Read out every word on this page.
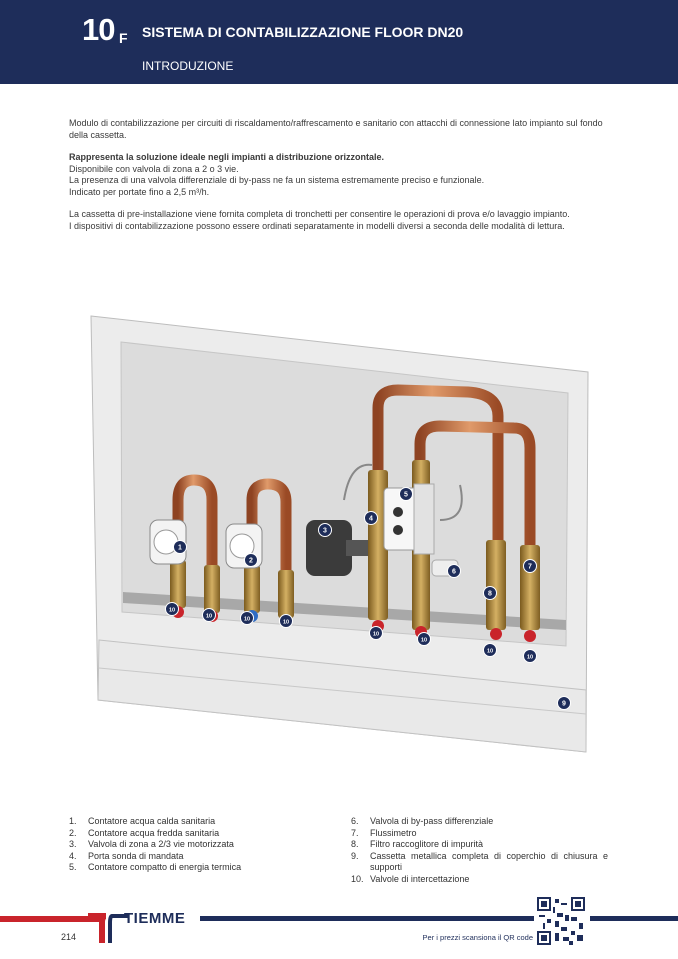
10 F SISTEMA DI CONTABILIZZAZIONE FLOOR DN20
INTRODUZIONE

Modulo di contabilizzazione per circuiti di riscaldamento/raffrescamento e sanitario con attacchi di connessione lato impianto sul fondo della cassetta.

Rappresenta la soluzione ideale negli impianti a distribuzione orizzontale.

Disponibile con valvola di zona a 2 o 3 vie.

La presenza di una valvola differenziale di by-pass ne fa un sistema estremamente preciso e funzionale.

Indicato per portate fino a 2,5 m³/h.

La cassetta di pre-installazione viene fornita completa di tronchetti per consentire le operazioni di prova e/o lavaggio impianto.

I dispositivi di contabilizzazione possono essere ordinati separatamente in modelli diversi a seconda delle modalità di lettura.

1
2
3
4
5
6
7
8
9
10
10	10	10
10
10
10
10
1.	Contatore acqua calda sanitaria
2.	Contatore acqua fredda sanitaria
3.	Valvola di zona a 2/3 vie motorizzata
4.	Porta sonda di mandata
5.	Contatore compatto di energia termica
6.	Valvola di by-pass differenziale
7.	Flussimetro
8.	Filtro raccoglitore di impurità
9.	Cassetta metallica completa di coperchio di chiusura e supporti
10. Valvole di intercettazione
TIEMME
214	Per i prezzi scansiona il QR code
